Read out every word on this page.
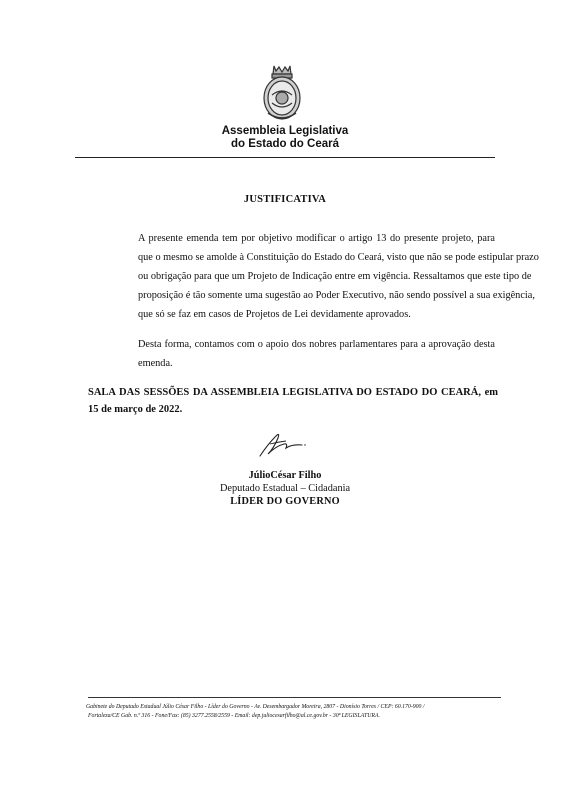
Assembleia Legislativa
do Estado do Ceará
JUSTIFICATIVA
A presente emenda tem por objetivo modificar o artigo 13 do presente projeto, para
que o mesmo se amolde à Constituição do Estado do Ceará, visto que não se pode estipular prazo
ou obrigação para que um Projeto de Indicação entre em vigência. Ressaltamos que este tipo de
proposição é tão somente uma sugestão ao Poder Executivo, não sendo possível a sua exigência,
que só se faz em casos de Projetos de Lei devidamente aprovados.
Desta forma, contamos com o apoio dos nobres parlamentares para a aprovação desta
emenda.
SALA DAS SESSÕES DA ASSEMBLEIA LEGISLATIVA DO ESTADO DO CEARÁ, em
15 de março de 2022.
JúlioCésar Filho
Deputado Estadual – Cidadania
LÍDER DO GOVERNO
Gabinete do Deputado Estadual Júlio César Filho - Líder do Governo - Av. Desembargador Moreira, 2807 - Dionísio Torres / CEP: 60.170-900 /
Fortaleza/CE Gab. n.º 316 - Fone/Fax: (85) 3277.2558/2559 - Email: dep.juliocesarfilho@al.ce.gov.br - 30ª LEGISLATURA.
